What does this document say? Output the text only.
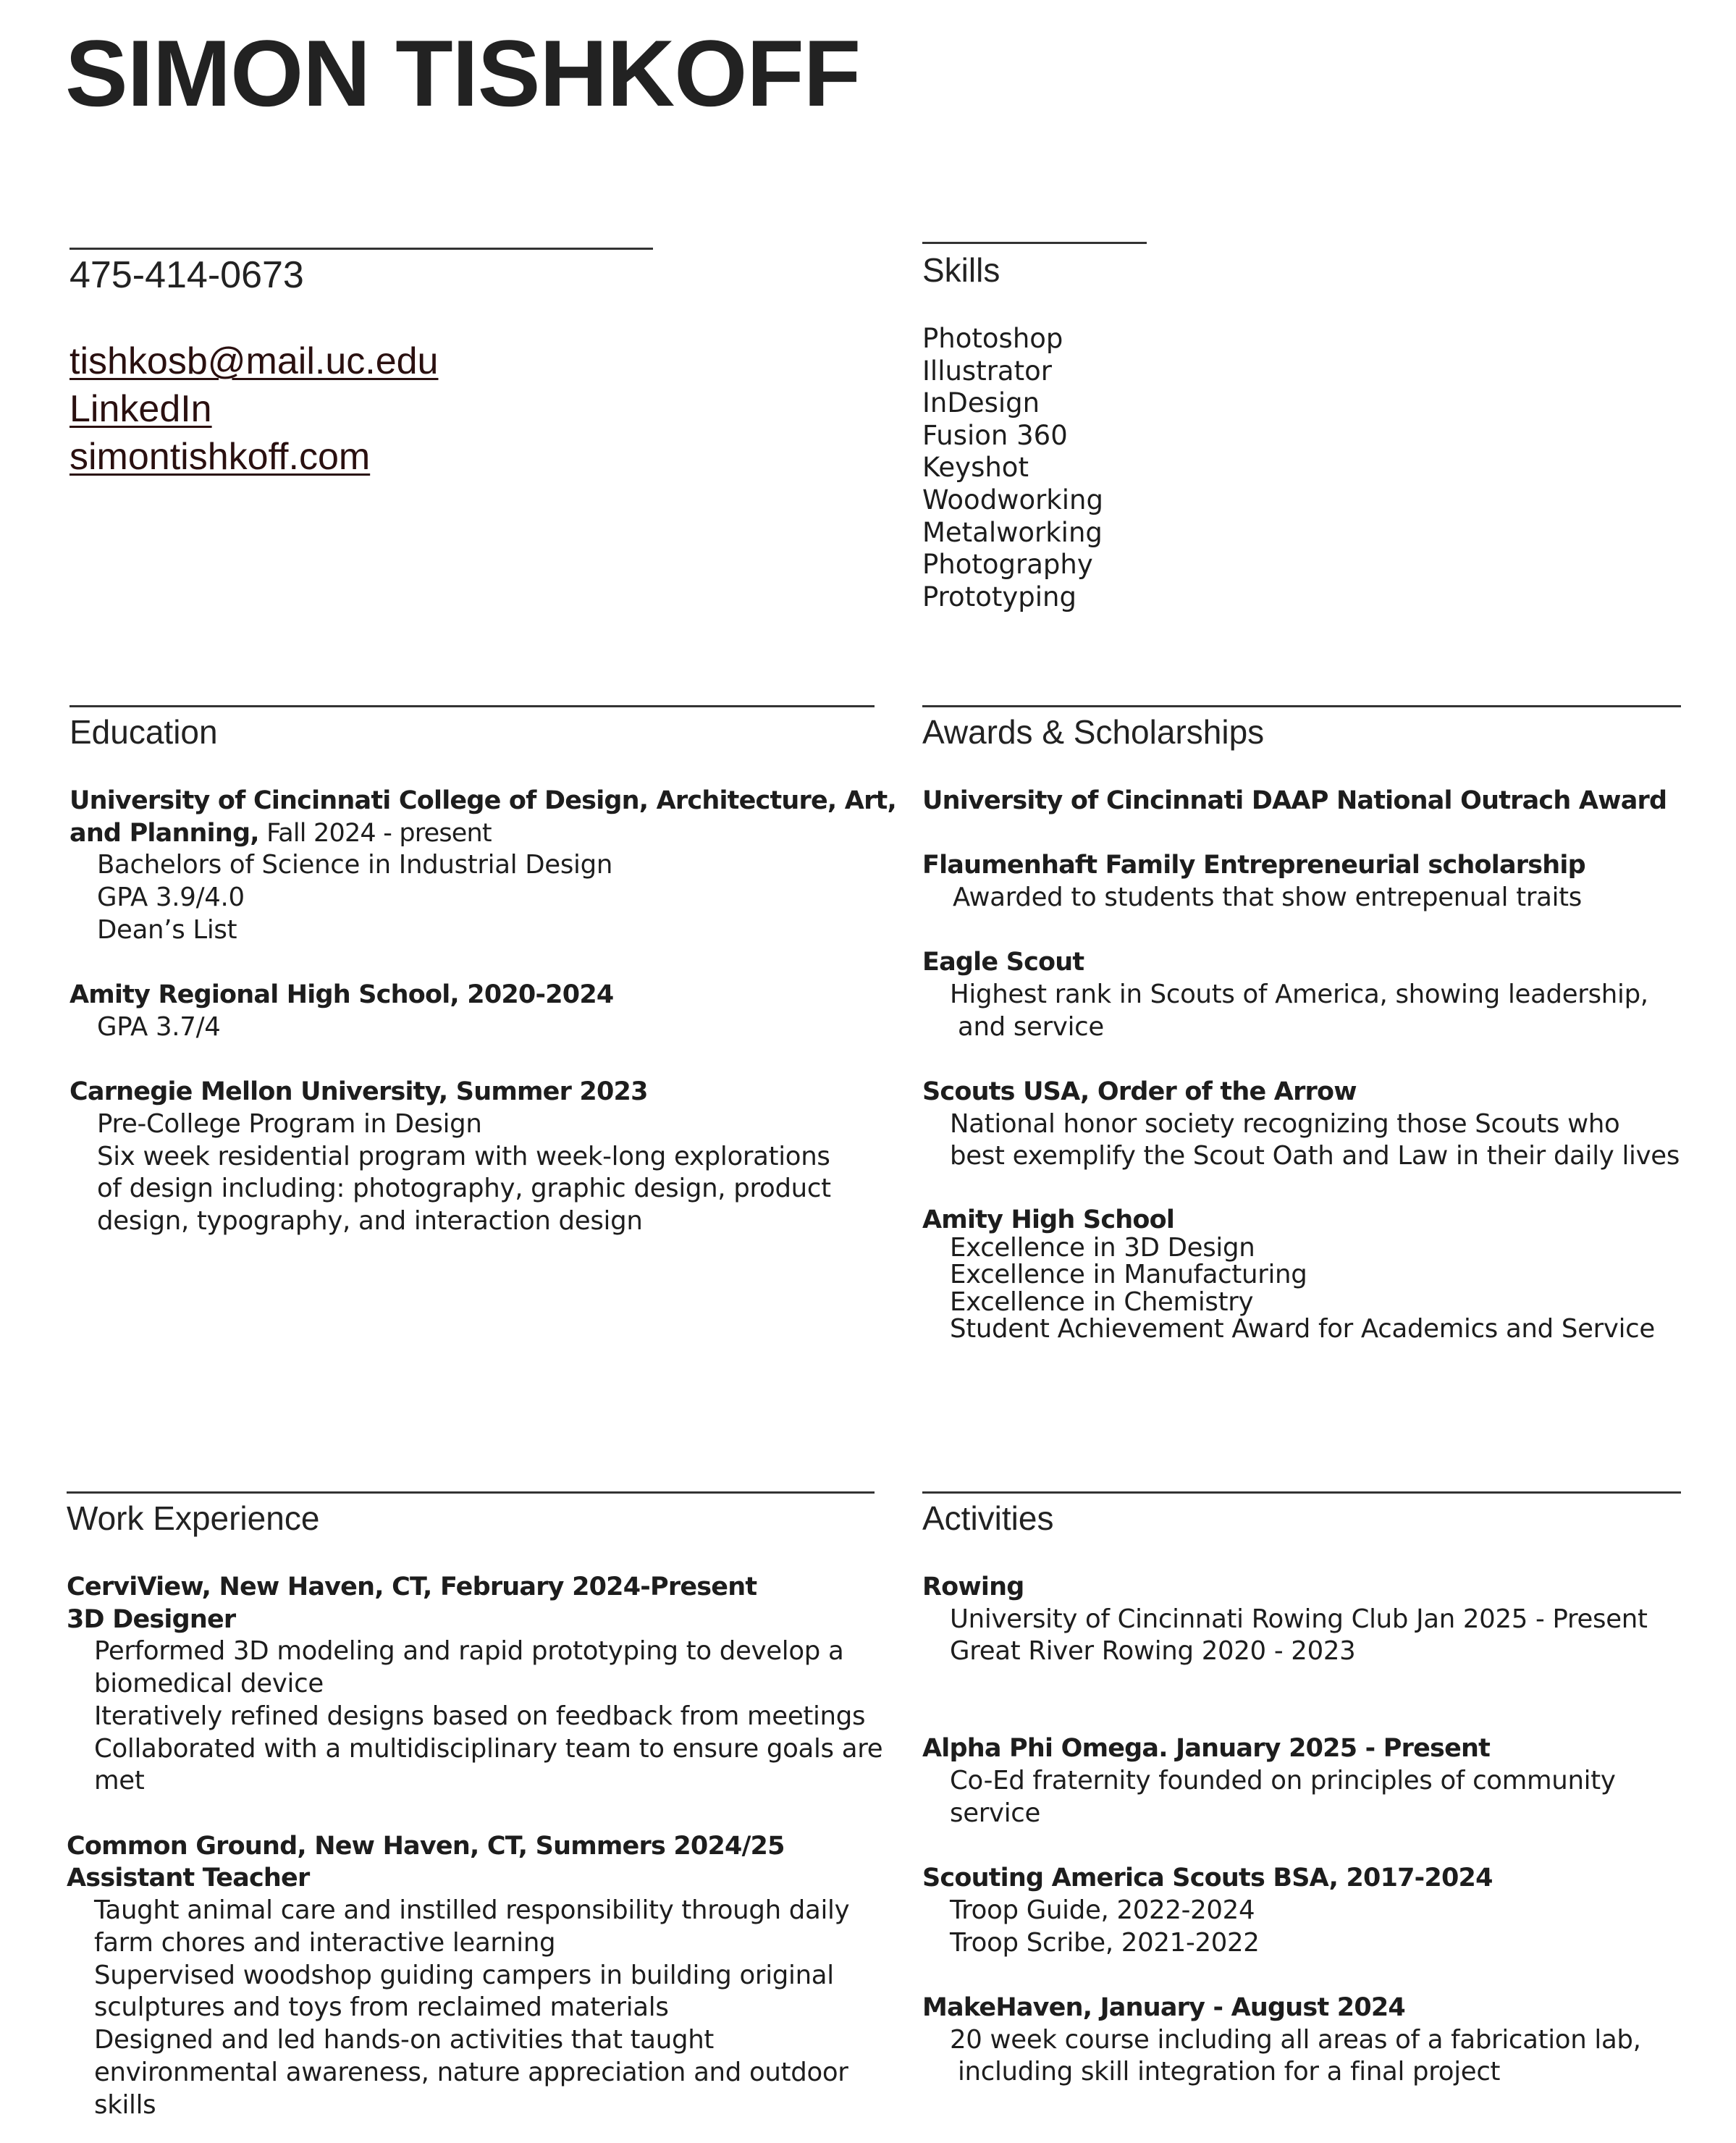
SIMON TISHKOFF
475-414-0673
tishkosb@mail.uc.edu
LinkedIn
simontishkoff.com
Skills
Photoshop
Illustrator
InDesign
Fusion 360
Keyshot
Woodworking
Metalworking
Photography
Prototyping
Education
University of Cincinnati College of Design, Architecture, Art,
and Planning, Fall 2024 - present
Bachelors of Science in Industrial Design
GPA 3.9/4.0
Dean’s List
Amity Regional High School, 2020-2024
GPA 3.7/4
Carnegie Mellon University, Summer 2023
Pre-College Program in Design
Six week residential program with week-long explorations
of design including: photography, graphic design, product
design, typography, and interaction design
Awards & Scholarships
University of Cincinnati DAAP National Outrach Award
Flaumenhaft Family Entrepreneurial scholarship
Awarded to students that show entrepenual traits
Eagle Scout
Highest rank in Scouts of America, showing leadership,
and service
Scouts USA, Order of the Arrow
National honor society recognizing those Scouts who
best exemplify the Scout Oath and Law in their daily lives
Amity High School
Excellence in 3D Design
Excellence in Manufacturing
Excellence in Chemistry
Student Achievement Award for Academics and Service
Work Experience
CerviView, New Haven, CT, February 2024-Present
3D Designer
Performed 3D modeling and rapid prototyping to develop a
biomedical device
Iteratively refined designs based on feedback from meetings
Collaborated with a multidisciplinary team to ensure goals are
met
Common Ground, New Haven, CT, Summers 2024/25
Assistant Teacher
Taught animal care and instilled responsibility through daily
farm chores and interactive learning
Supervised woodshop guiding campers in building original
sculptures and toys from reclaimed materials
Designed and led hands-on activities that taught
environmental awareness, nature appreciation and outdoor
skills
Activities
Rowing
University of Cincinnati Rowing Club Jan 2025 - Present
Great River Rowing 2020 - 2023
Alpha Phi Omega. January 2025 - Present
Co-Ed fraternity founded on principles of community
service
Scouting America Scouts BSA, 2017-2024
Troop Guide, 2022-2024
Troop Scribe, 2021-2022
MakeHaven, January - August 2024
20 week course including all areas of a fabrication lab,
including skill integration for a final project
